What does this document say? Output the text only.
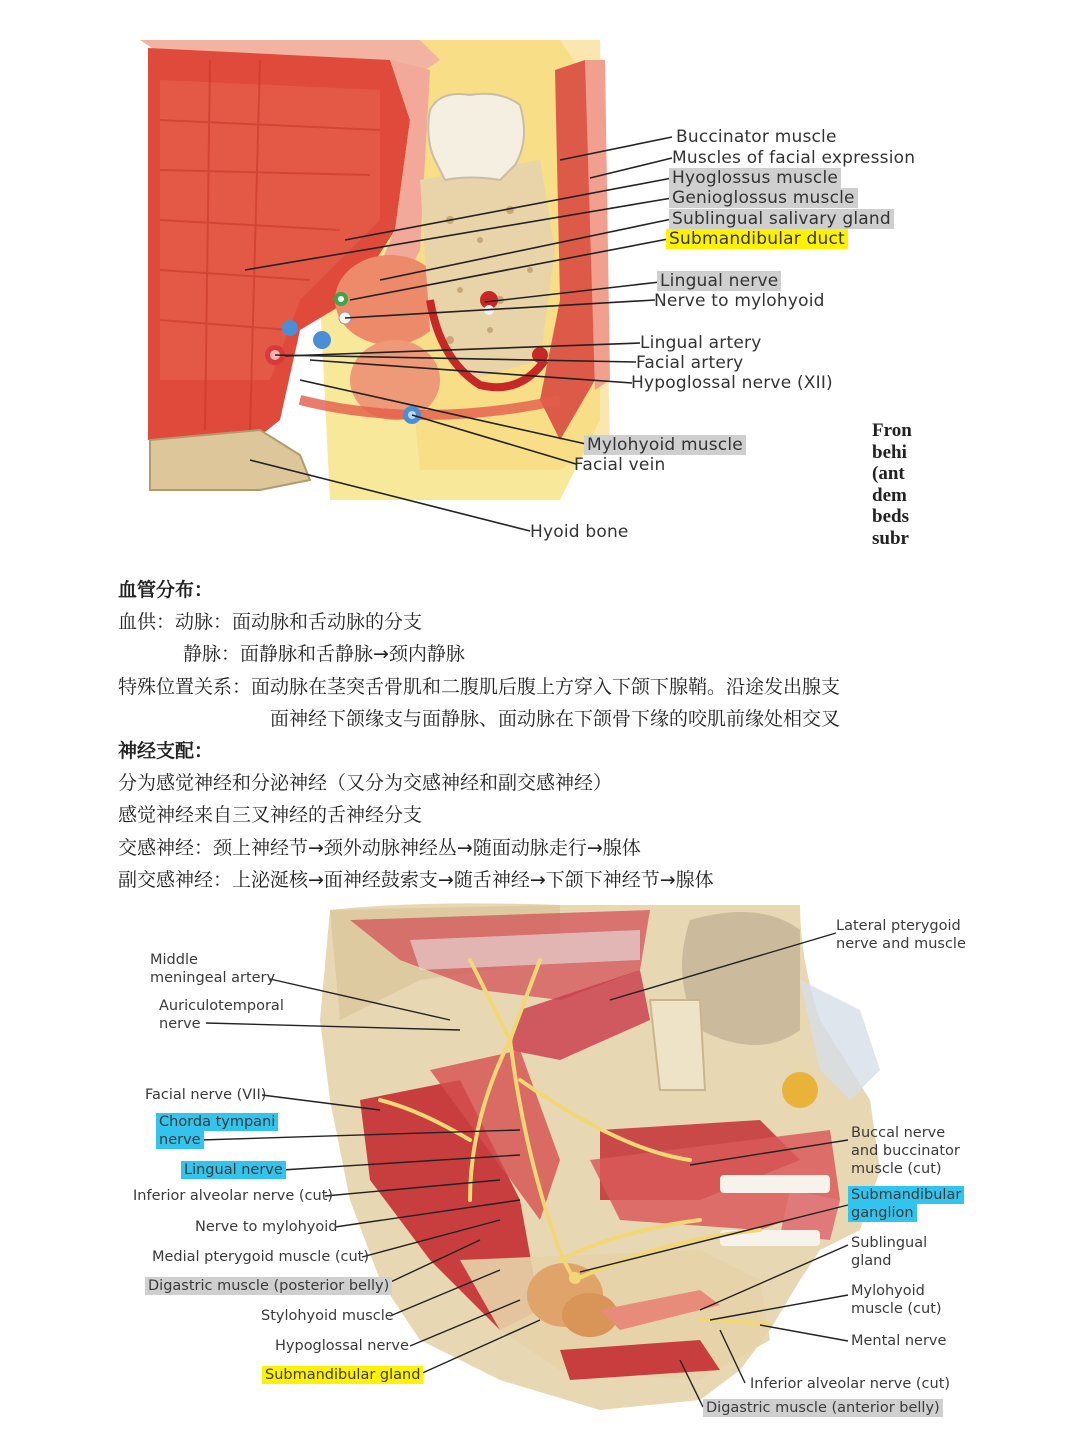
Buccinator muscle
Muscles of facial expression
Hyoglossus muscle
Genioglossus muscle
Sublingual salivary gland
Submandibular duct
Lingual nerve
Nerve to mylohyoid
Lingual artery
Facial artery
Hypoglossal nerve (XII)
Mylohyoid muscle
Facial vein
Hyoid bone
Fron
behi
(ant
dem
beds
subr
血管分布：
血供：动脉：面动脉和舌动脉的分支
静脉：面静脉和舌静脉→颈内静脉
特殊位置关系：面动脉在茎突舌骨肌和二腹肌后腹上方穿入下颌下腺鞘。沿途发出腺支
面神经下颌缘支与面静脉、面动脉在下颌骨下缘的咬肌前缘处相交叉
神经支配：
分为感觉神经和分泌神经（又分为交感神经和副交感神经）
感觉神经来自三叉神经的舌神经分支
交感神经：颈上神经节→颈外动脉神经丛→随面动脉走行→腺体
副交感神经：上泌涎核→面神经鼓索支→随舌神经→下颌下神经节→腺体
Middle
meningeal artery
Auriculotemporal
nerve
Facial nerve (VII)
Chorda tympani
nerve
Lingual nerve
Inferior alveolar nerve (cut)
Nerve to mylohyoid
Medial pterygoid muscle (cut)
Digastric muscle (posterior belly)
Stylohyoid muscle
Hypoglossal nerve
Submandibular gland
Lateral pterygoid
nerve and muscle
Buccal nerve
and buccinator
muscle (cut)
Submandibular
ganglion
Sublingual
gland
Mylohyoid
muscle (cut)
Mental nerve
Inferior alveolar nerve (cut)
Digastric muscle (anterior belly)
